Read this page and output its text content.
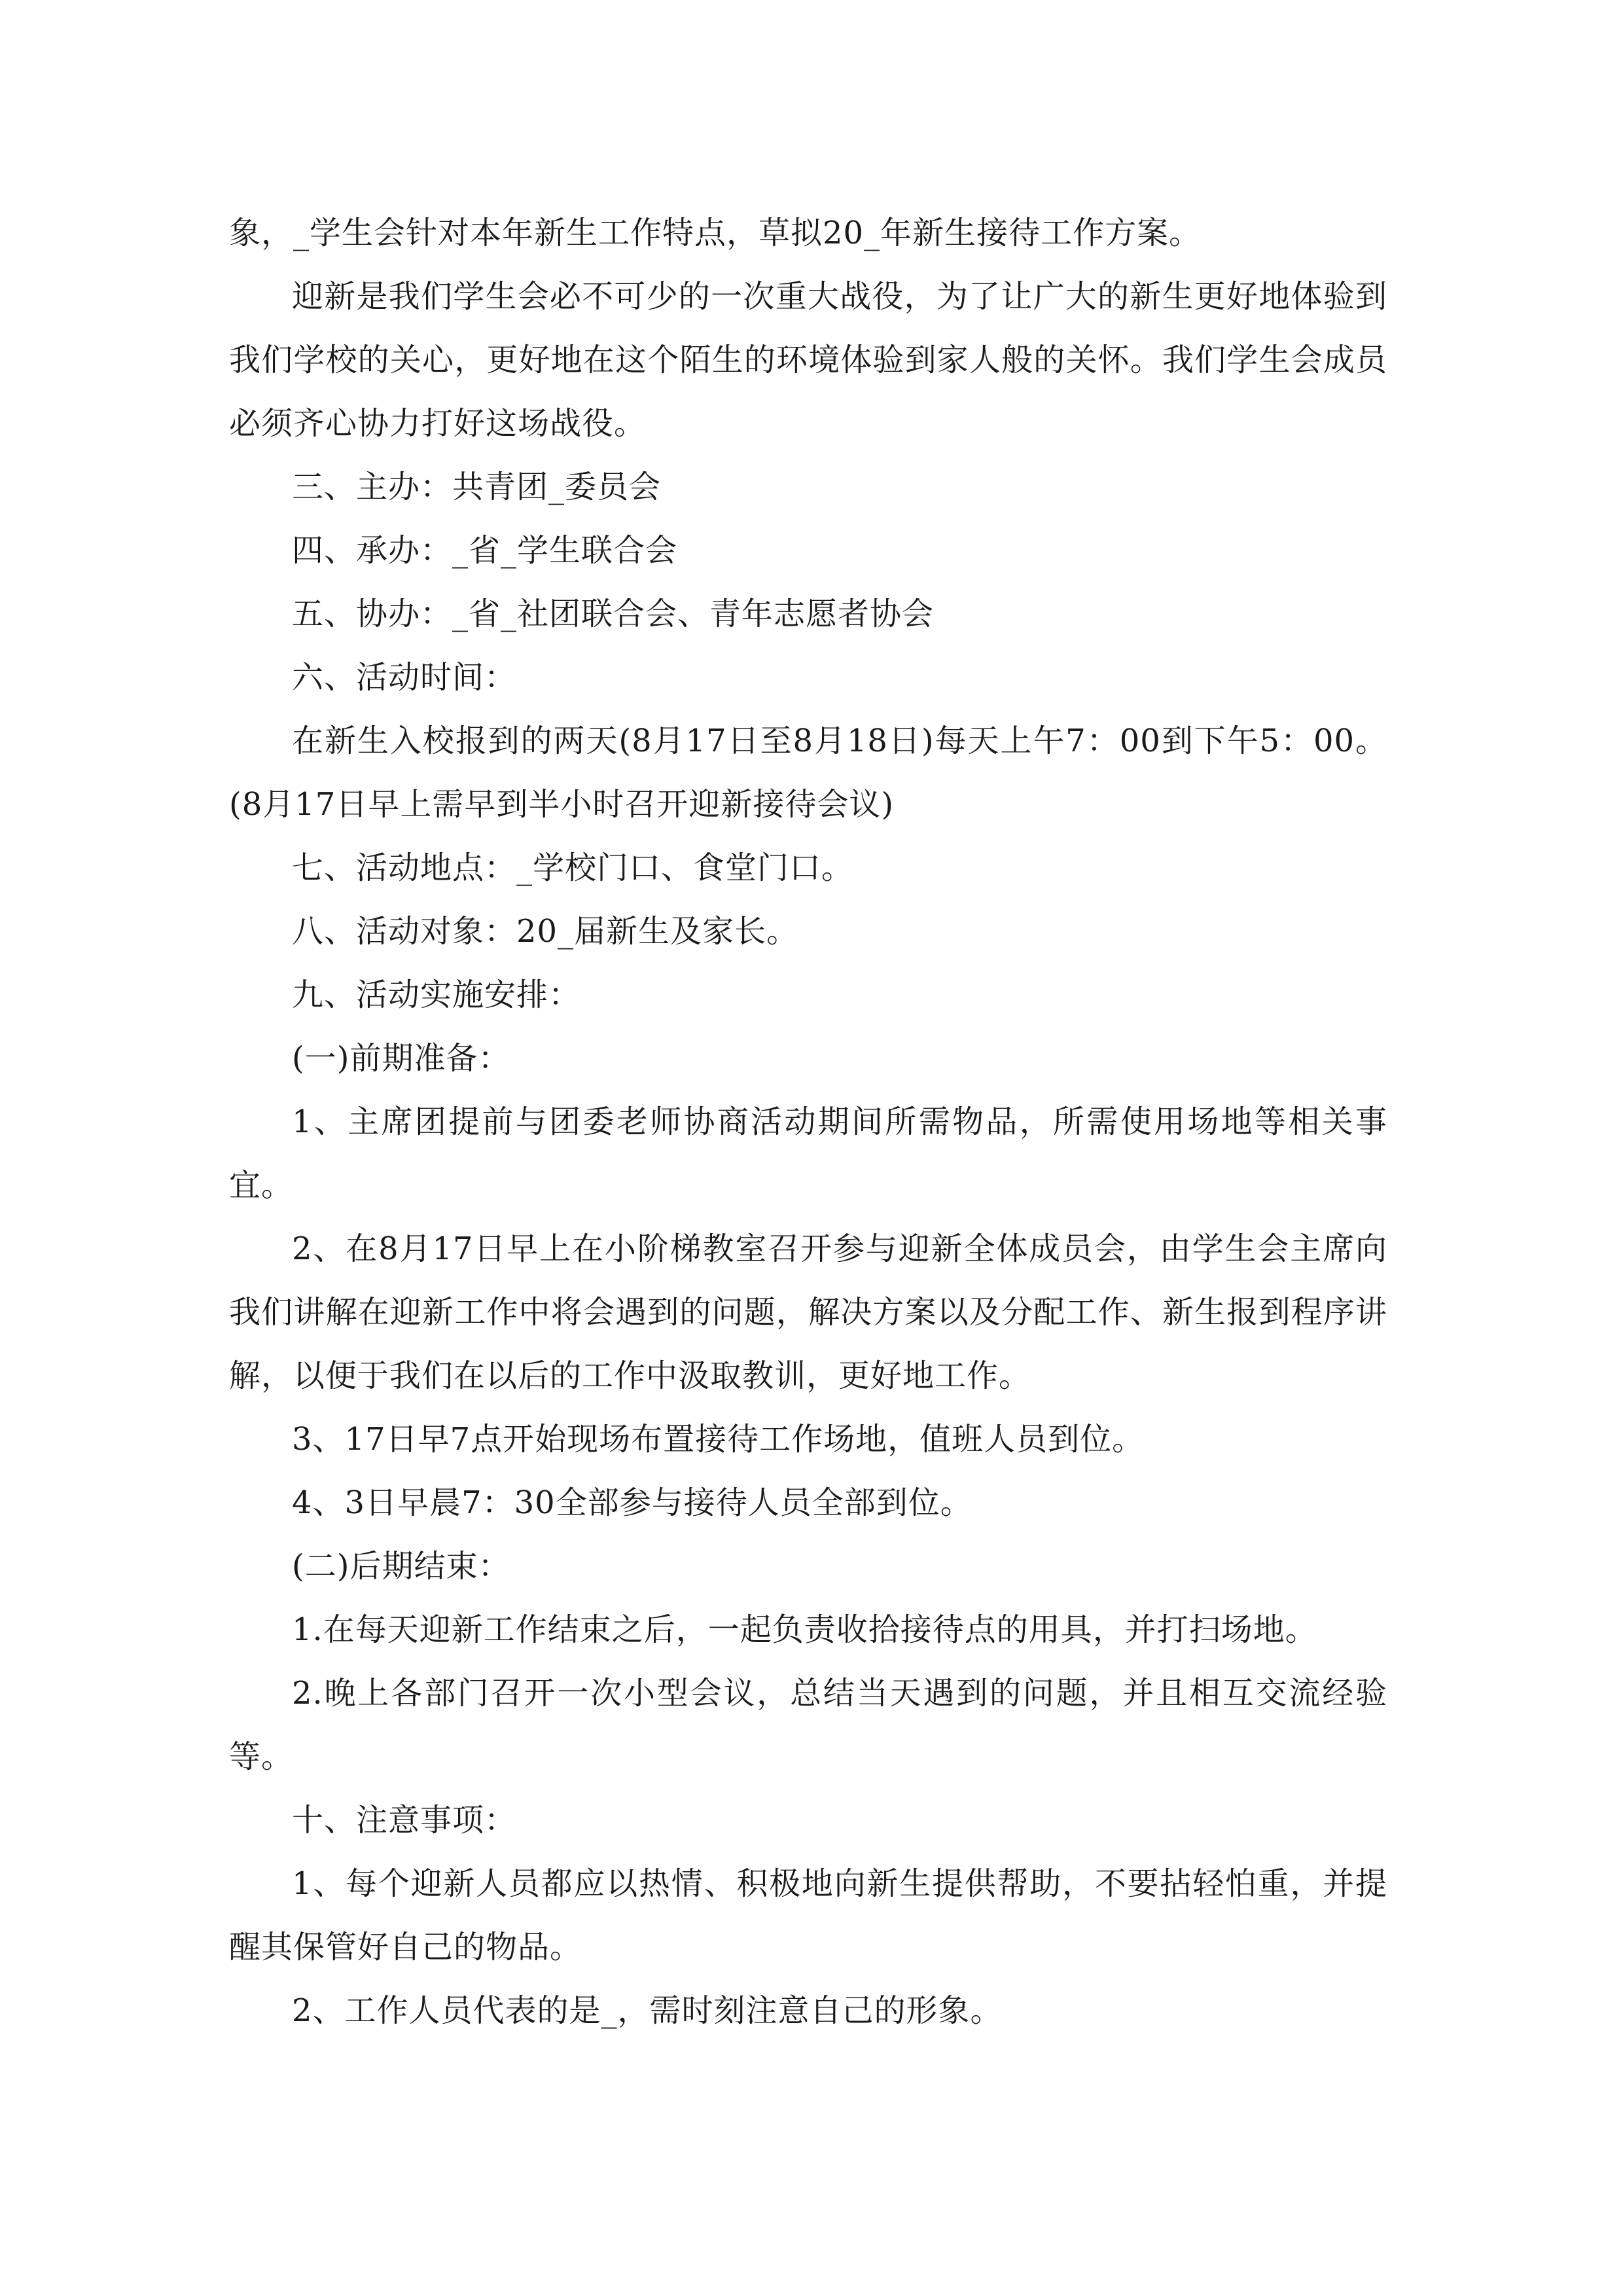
象，_学生会针对本年新生工作特点，草拟20_年新生接待工作方案。

迎新是我们学生会必不可少的一次重大战役，为了让广大的新生更好地体验到我们学校的关心，更好地在这个陌生的环境体验到家人般的关怀。我们学生会成员必须齐心协力打好这场战役。

三、主办：共青团_委员会

四、承办：_省_学生联合会

五、协办：_省_社团联合会、青年志愿者协会

六、活动时间：

在新生入校报到的两天(8月17日至8月18日)每天上午7：00到下午5：00。(8月17日早上需早到半小时召开迎新接待会议)

七、活动地点：_学校门口、食堂门口。

八、活动对象：20_届新生及家长。

九、活动实施安排：

(一)前期准备：

1、主席团提前与团委老师协商活动期间所需物品，所需使用场地等相关事宜。

2、在8月17日早上在小阶梯教室召开参与迎新全体成员会，由学生会主席向我们讲解在迎新工作中将会遇到的问题，解决方案以及分配工作、新生报到程序讲解，以便于我们在以后的工作中汲取教训，更好地工作。

3、17日早7点开始现场布置接待工作场地，值班人员到位。

4、3日早晨7：30全部参与接待人员全部到位。

(二)后期结束：

1.在每天迎新工作结束之后，一起负责收拾接待点的用具，并打扫场地。

2.晚上各部门召开一次小型会议，总结当天遇到的问题，并且相互交流经验等。

十、注意事项：

1、每个迎新人员都应以热情、积极地向新生提供帮助，不要拈轻怕重，并提醒其保管好自己的物品。

2、工作人员代表的是_，需时刻注意自己的形象。
